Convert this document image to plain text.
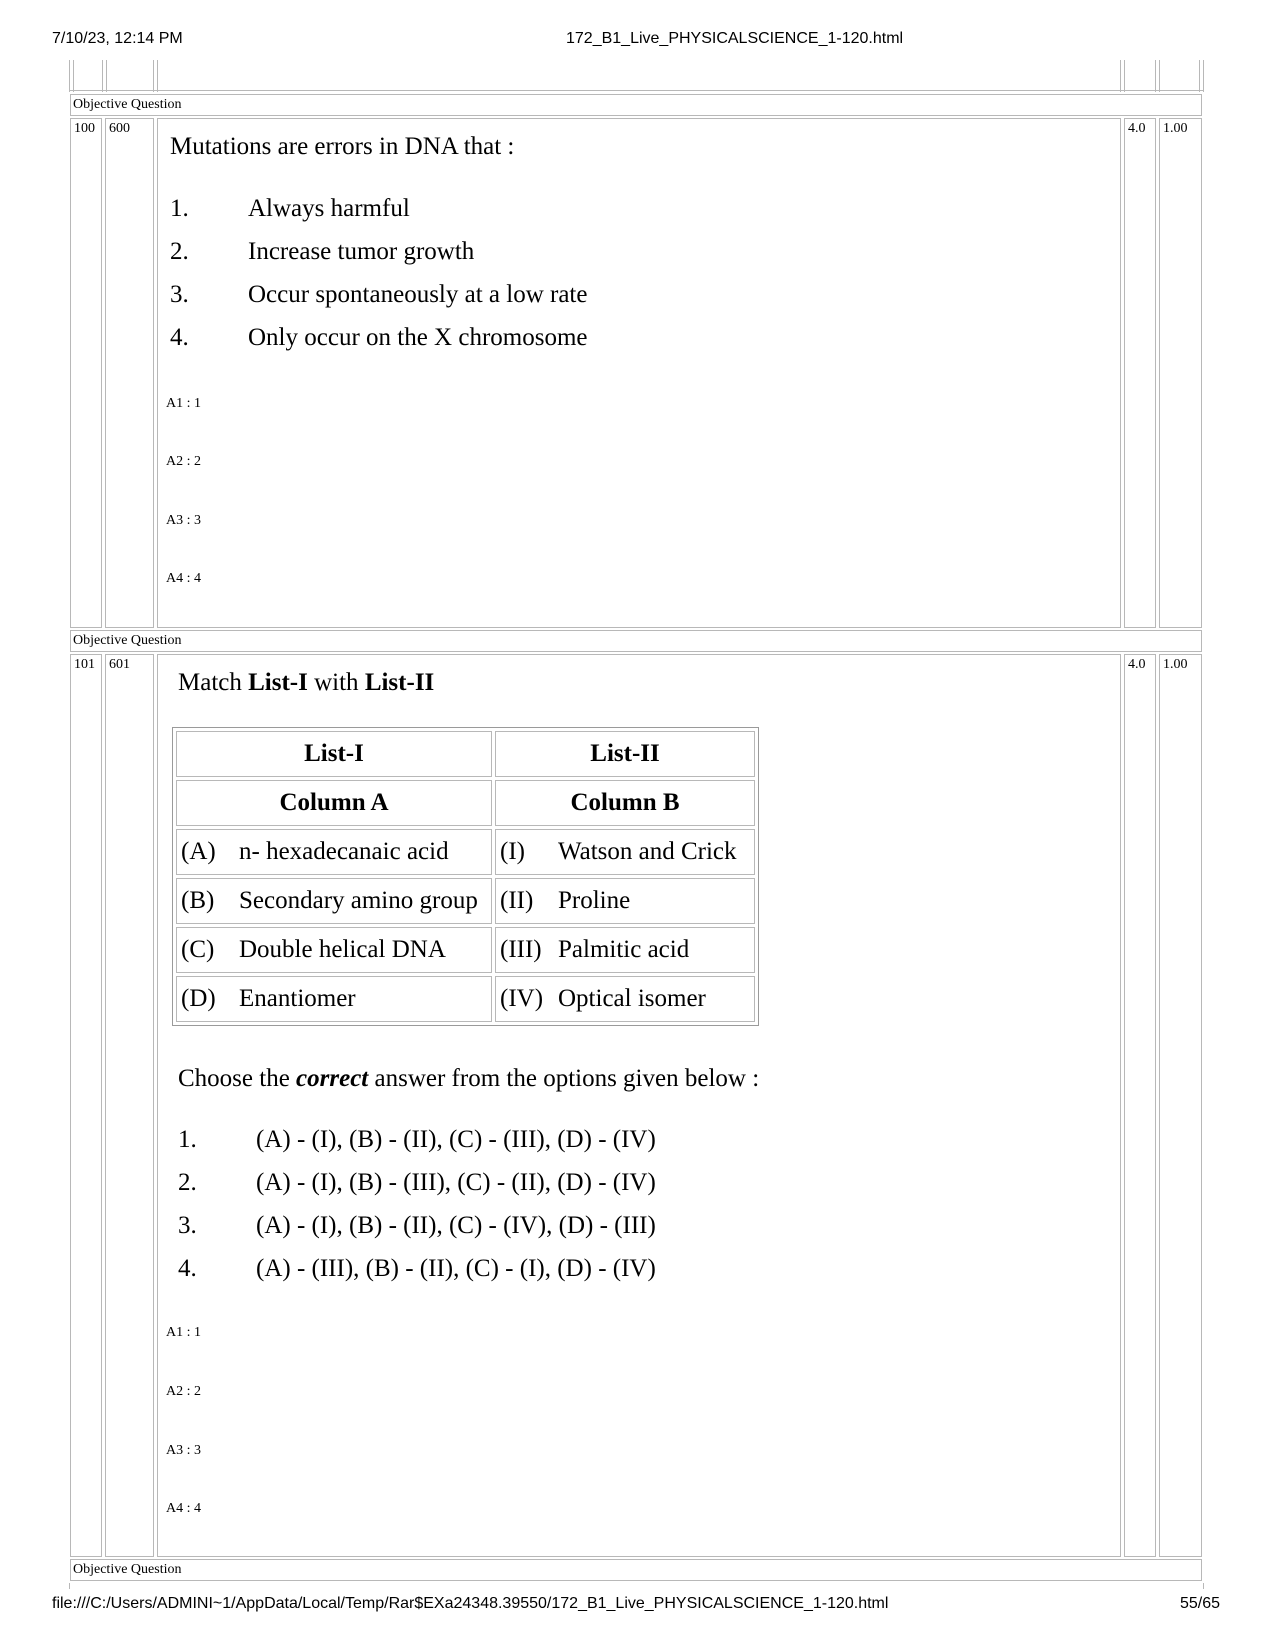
7/10/23, 12:14 PM	172_B1_Live_PHYSICALSCIENCE_1-120.html
Objective Question
100 600	4.0 1.00
Mutations are errors in DNA that :
1. Always harmful
2. Increase tumor growth
3. Occur spontaneously at a low rate
4. Only occur on the X chromosome
A1 : 1
A2 : 2
A3 : 3
A4 : 4
Objective Question
101 601	4.0 1.00
Match List-I with List-II
List-I	List-II
Column A	Column B
(A) n- hexadecanaic acid	(I) Watson and Crick
(B) Secondary amino group	(II) Proline
(C) Double helical DNA	(III) Palmitic acid
(D) Enantiomer	(IV) Optical isomer
Choose the correct answer from the options given below :
1. (A) - (I), (B) - (II), (C) - (III), (D) - (IV)
2. (A) - (I), (B) - (III), (C) - (II), (D) - (IV)
3. (A) - (I), (B) - (II), (C) - (IV), (D) - (III)
4. (A) - (III), (B) - (II), (C) - (I), (D) - (IV)
A1 : 1
A2 : 2
A3 : 3
A4 : 4
Objective Question
file:///C:/Users/ADMINI~1/AppData/Local/Temp/Rar$EXa24348.39550/172_B1_Live_PHYSICALSCIENCE_1-120.html	55/65
